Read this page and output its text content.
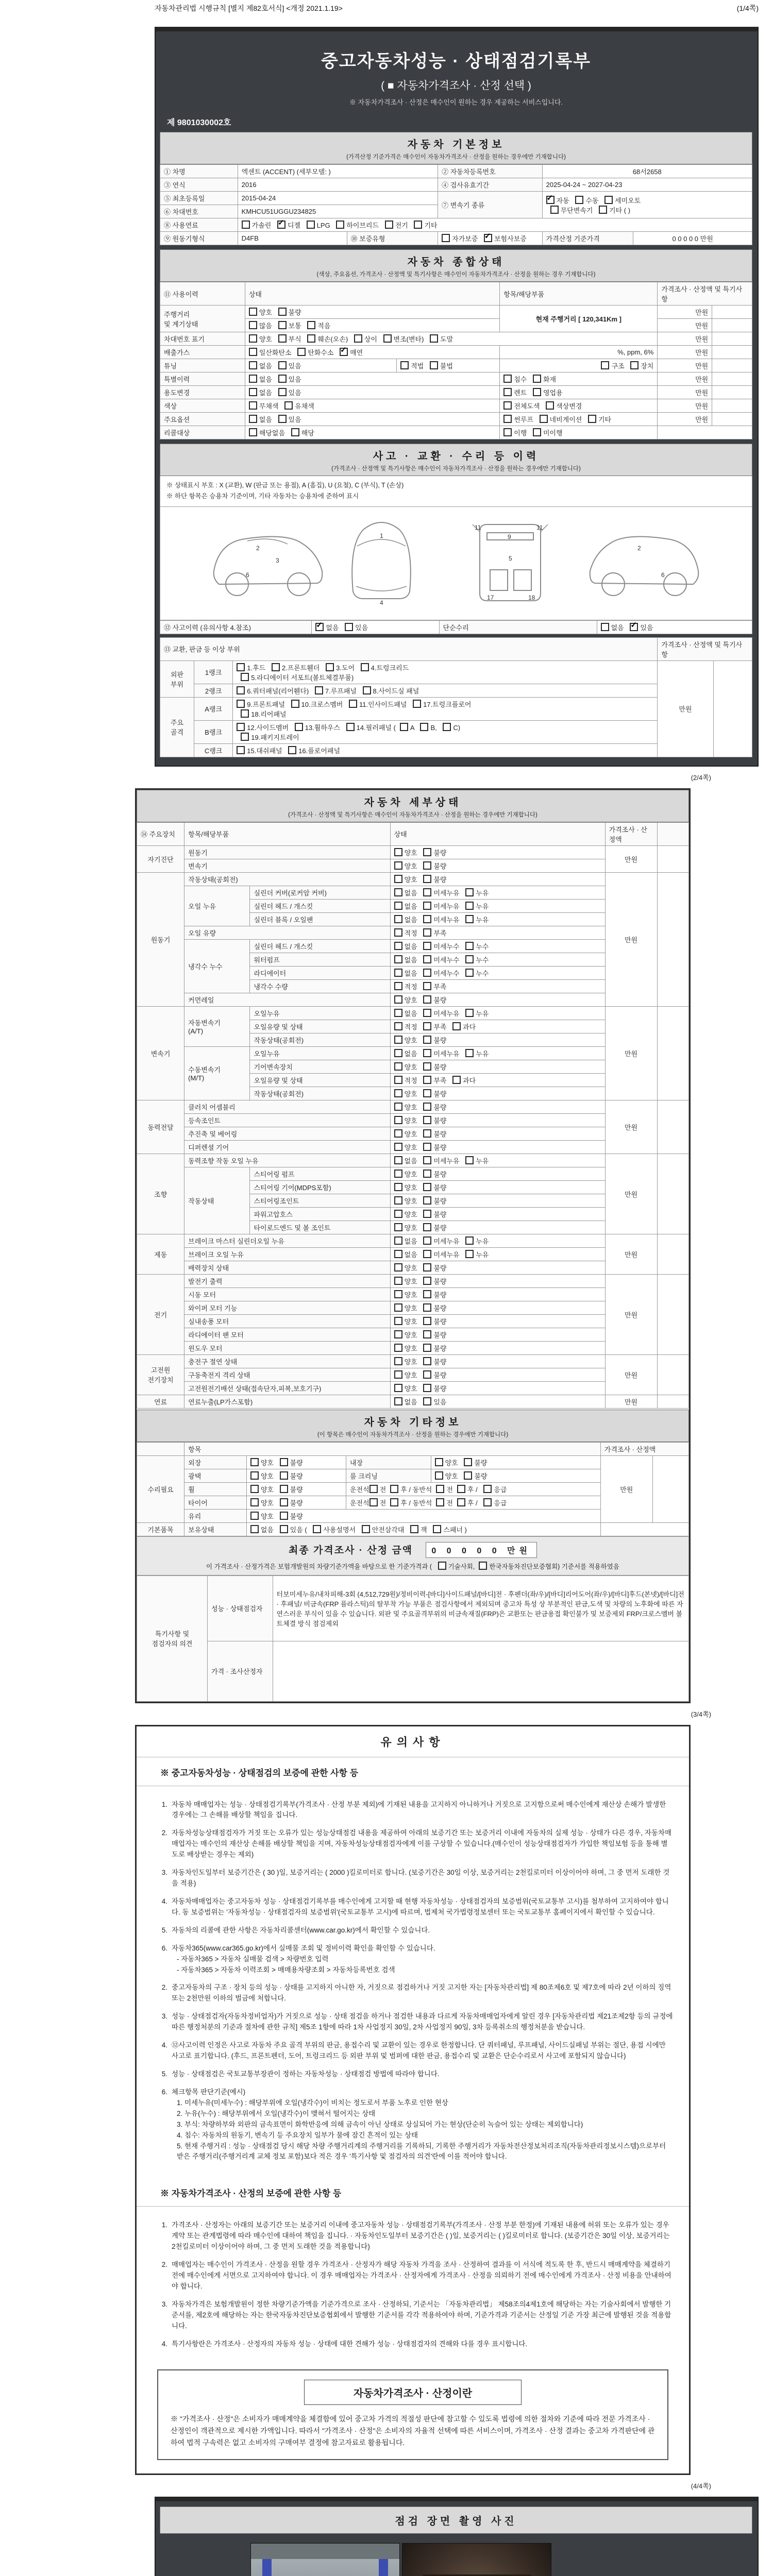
자동차관리법 시행규칙 [별지 제82호서식] <개정 2021.1.19>	(1/4쪽)
중고자동차성능 · 상태점검기록부
( ■ 자동차가격조사 · 산정 선택 )
※ 자동차가격조사 · 산정은 매수인이 원하는 경우 제공하는 서비스입니다.
제 9801030002호
자동차 기본정보
(가격산정 기준가격은 매수인이 자동차가격조사 · 산정을 원하는 경우에만 기재합니다)
① 차명	엑센트 (ACCENT) (세부모델: )		② 자동차등록번호	68서2658	
③ 연식	2016		④ 검사유효기간	2025-04-24 ~ 2027-04-23	
⑤ 최초등록일	2015-04-24		⑦ 변속기 종류	✓자동 수동 세미오토
무단변속기 기타 ( )
⑥ 차대번호	KMHCU51UGGU234825				
⑧ 사용연료	가솔린 ✓디젤 LPG 하이브리드 전기 기타
⑨ 원동기형식	D4FB	⑩ 보증유형	자가보증 ✓보험사보증	가격산정 기준가격	0 0 0 0 0 만원
자동차 종합상태
(색상, 주요옵션, 가격조사 · 산정액 및 특기사항은 매수인이 자동차가격조사 · 산정을 원하는 경우 기재합니다)
⑪ 사용이력	상태		항목/해당부품	가격조사 · 산정액 및 특기사항	
주행거리
및 계기상태	양호 불량		현재 주행거리 [ 120,341Km ]	만원	
	많음 보통 적음			만원	
차대번호 표기	양호 부식 훼손(오손) 상이 변조(변타) 도말			만원	
배출가스	일산화탄소 탄화수소 ✓매연		%, ppm, 6%	만원	
튜닝	없음 있음	적법 불법	구조 장치	만원	
특별이력	없음 있음		침수 화재	만원	
용도변경	없음 있음		렌트 영업용	만원	
색상	무채색 유채색		전체도색 색상변경	만원	
주요옵션	없음 있음		썬루프 네비게이션 기타	만원	
리콜대상	해당없음 해당		이행 미이행		
사고 · 교환 · 수리 등 이력
(가격조사 · 산정액 및 특기사항은 매수인이 자동차가격조사 · 산정을 원하는 경우에만 기재합니다)
※ 상태표시 부호 : X (교환), W (판금 또는 용접), A (흠집), U (요철), C (부식), T (손상)
※ 하단 항목은 승용차 기준이며, 기타 자동차는 승용차에 준하여 표시
2
3
6
1
4
11	11
9
5
17	18
2
6
⑫ 사고이력 (유의사항 4.참조)	✓없음 있음	단순수리	없음 ✓있음
⑬ 교환, 판금 등 이상 부위			가격조사 · 산정액 및 특기사항	
외판
부위	1랭크	1.후드 2.프론트휀더 3.도어 4.트렁크리드
5.라디에이터 서포트(볼트체결부품)	만원	
	2랭크	6.쿼터패널(리어휀다) 7.루프패널 8.사이드실 패널		
주요
골격	A랭크	9.프론트패널 10.크로스멤버 11.인사이드패널 17.트렁크플로어
18.리어패널		
	B랭크	12.사이드멤버 13.휠하우스 14.필러패널 ( A B, C)
19.패키지트레이		
	C랭크	15.대쉬패널 16.플로어패널		
(2/4쪽)
자동차 세부상태
(가격조사 · 산정액 및 특기사항은 매수인이 자동차가격조사 · 산정을 원하는 경우에만 기재합니다)
⑭ 주요장치	항목/해당부품		상태	가격조사 · 산정액	
자기진단	원동기		양호 불량	만원	
	변속기		양호 불량		
원동기	작동상태(공회전)		양호 불량	만원	
	오일 누유	실린더 커버(로커암 커버)	없음 미세누유 누유		
		실린더 헤드 / 개스킷	없음 미세누유 누유		
		실린더 블록 / 오일팬	없음 미세누유 누유		
	오일 유량		적정 부족		
	냉각수 누수	실린더 헤드 / 개스킷	없음 미세누수 누수		
		워터펌프	없음 미세누수 누수		
		라디에이터	없음 미세누수 누수		
		냉각수 수량	적정 부족		
	커먼레일		양호 불량		
변속기	자동변속기
(A/T)	오일누유	없음 미세누유 누유	만원	
		오일유량 및 상태	적정 부족 과다		
		작동상태(공회전)	양호 불량		
	수동변속기
(M/T)	오일누유	없음 미세누유 누유		
		기어변속장치	양호 불량		
		오일유량 및 상태	적정 부족 과다		
		작동상태(공회전)	양호 불량		
동력전달	클러치 어셈블리		양호 불량	만원	
	등속조인트		양호 불량		
	추진축 및 베어링		양호 불량		
	디퍼렌셜 기어		양호 불량		
조향	동력조향 작동 오일 누유		없음 미세누유 누유	만원	
	작동상태	스티어링 펌프	양호 불량		
		스티어링 기어(MDPS포함)	양호 불량		
		스티어링조인트	양호 불량		
		파워고압호스	양호 불량		
		타이로드엔드 및 볼 조인트	양호 불량		
제동	브레이크 마스터 실린더오일 누유		없음 미세누유 누유	만원	
	브레이크 오일 누유		없음 미세누유 누유		
	배력장치 상태		양호 불량		
전기	발전기 출력		양호 불량	만원	
	시동 모터		양호 불량		
	와이퍼 모터 기능		양호 불량		
	실내송풍 모터		양호 불량		
	라디에이터 팬 모터		양호 불량		
	윈도우 모터		양호 불량		
고전원
전기장치	충전구 절연 상태		양호 불량	만원	
	구동축전지 격리 상태		양호 불량		
	고전원전기배선 상태(접속단자,피복,보호기구)		양호 불량		
연료	연료누출(LP가스포함)		없음 있음	만원	
자동차 기타정보
(이 항목은 매수인이 자동차가격조사 · 산정을 원하는 경우에만 기재합니다)
	항목				가격조사 · 산정액	
수리필요	외장	양호 불량	내장	양호 불량	만원	
	광택	양호 불량	룸 크리닝	양호 불량		
	휠	양호 불량	운전석 전 후 / 동반석 전 후 / 응급			
	타이어	양호 불량	운전석 전 후 / 동반석 전 후 / 응급			
	유리	양호 불량				
기본품목	보유상태	없음 있음 ( 사용설명서 안전삼각대 잭 스패너 )				
최종 가격조사 · 산정 금액 0 0 0 0 0 만원
이 가격조사 · 산정가격은 보험개발원의 차량기준가액을 바탕으로 한 기준가격과 ( 기술사회, 한국자동차진단보증협회) 기준서를 적용하였음
특기사항 및
점검자의 의견	성능 · 상태점검자	터보미세누유/내차피해-3회 (4,512,729원)/정비이력-[바디]사이드패널/[바디]전 · 후펜더(좌/우)/[바디]리어도어(좌/우)/[바디]후드(본넷)/[바디]전 · 후패널/ 비금속(FRP 플라스틱)의 탈부착 가능 부품은 점검사항에서 제외되며 중고차 특성 상 부분적인 판금,도색 및 차량의 노후화에 따른 자연스러운 부식이 있을 수 있습니다. 외판 및 주요골격부위의 비금속재질(FRP)은 교환또는 판금용접 확인불가 및 보증제외 FRP/크로스멤버 볼트체결 방식 점검제외
	가격 · 조사산정자	
(3/4쪽)
유의사항
※ 중고자동차성능 · 상태점검의 보증에 관한 사항 등
1. 자동차 매매업자는 성능 · 상태점검기록부(가격조사 · 산정 부분 제외)에 기재된 내용을 고지하지 아니하거나 거짓으로 고지함으로써 매수인에게 재산상 손해가 발생한 경우에는 그 손해를 배상할 책임을 집니다.
2. 자동차성능상태점검자가 거짓 또는 오류가 있는 성능상태점검 내용을 제공하여 아래의 보증기간 또는 보증거리 이내에 자동차의 실제 성능 · 상태가 다른 경우, 자동차매매업자는 매수인의 재산상 손해를 배상할 책임을 지며, 자동차성능상태점검자에게 이를 구상할 수 있습니다.(매수인이 성능상태점검자가 가입한 책임보험 등을 통해 별도로 배상받는 경우는 제외)
3. 자동차인도일부터 보증기간은 ( 30 )일, 보증거리는 ( 2000 )킬로미터로 합니다. (보증기간은 30일 이상, 보증거리는 2천킬로미터 이상이어야 하며, 그 중 먼저 도래한 것을 적용)
4. 자동차매매업자는 중고자동차 성능 · 상태점검기록부를 매수인에게 고지할 때 현행 자동차성능 · 상태점검자의 보증범위(국토교통부 고시)를 첨부하여 고지하여야 합니다. 동 보증범위는 '자동차성능 · 상태점검자의 보증범위'(국토교통부 고시)에 따르며, 법제처 국가법령정보센터 또는 국토교통부 홈페이지에서 확인할 수 있습니다.
5. 자동차의 리콜에 관한 사항은 자동차리콜센터(www.car.go.kr)에서 확인할 수 있습니다.
6. 자동차365(www.car365.go.kr)에서 실매물 조회 및 정비이력 확인을 확인할 수 있습니다.
- 자동차365 > 자동차 실매물 검색 > 차량번호 입력
- 자동차365 > 자동차 이력조회 > 매매용차량조회 > 자동차등록번호 검색
2. 중고자동차의 구조 · 장치 등의 성능 · 상태를 고지하지 아니한 자, 거짓으로 점검하거나 거짓 고지한 자는 [자동차관리법] 제 80조제6호 및 제7호에 따라 2년 이하의 징역 또는 2천만원 이하의 벌금에 처합니다.
3. 성능 · 상태점검자(자동차정비업자)가 거짓으로 성능 · 상태 점검을 하거나 점검한 내용과 다르게 자동차매매업자에게 알린 경우 [자동차관리법 제21조제2항 등의 규정에 따른 행정처분의 기준과 절차에 관한 규칙] 제5조 1항에 따라 1차 사업정지 30일, 2차 사업정지 90일, 3차 등록취소의 행정처분을 받습니다.
4. ⑫사고이력 인정은 사고로 자동차 주요 골격 부위의 판금, 용접수리 및 교환이 있는 경우로 한정합니다. 단 쿼터패널, 루프패널, 사이드실패널 부위는 절단, 용접 시에만 사고로 표기합니다. (후드, 프론트펜더, 도어, 트렁크리드 등 외판 부위 및 범퍼에 대한 판금, 용접수리 및 교환은 단순수리로서 사고에 포함되지 않습니다)
5. 성능 · 상태점검은 국토교통부장관이 정하는 자동차성능 · 상태점검 방법에 따라야 합니다.
6. 체크항목 판단기준(예시)
1. 미세누유(미세누수) : 해당부위에 오일(냉각수)이 비치는 정도로서 부품 노후로 인한 현상
2. 누유(누수) : 해당부위에서 오일(냉각수)이 맺혀서 떨어지는 상태
3. 부식: 차량하부와 외판의 금속표면이 화학반응에 의해 금속이 아닌 상태로 상실되어 가는 현상(단순히 녹슬어 있는 상태는 제외합니다)
4. 침수: 자동차의 원동기, 변속기 등 주요장치 일부가 물에 잠긴 흔적이 있는 상태
5. 현재 주행거리 : 성능 · 상태점검 당시 해당 차량 주행거리계의 주행거리를 기록하되, 기록한 주행거리가 자동차전산정보처리조직(자동차관리정보시스템)으로부터 받은 주행거리(주행거리계 교체 정보 포함)보다 적은 경우 '특기사항 및 점검자의 의견'란에 이를 적어야 합니다.
※ 자동차가격조사 · 산정의 보증에 관한 사항 등
1. 가격조사 · 산정자는 아래의 보증기간 또는 보증거리 이내에 중고자동차 성능 · 상태점검기록부(가격조사 · 산정 부분 한정)에 기재된 내용에 허위 또는 오류가 있는 경우 계약 또는 관계법령에 따라 매수인에 대하여 책임을 집니다. · 자동차인도일부터 보증기간은 ( )일, 보증거리는 ( )킬로미터로 합니다. (보증기간은 30일 이상, 보증거리는 2천킬로미터 이상이어야 하며, 그 중 먼저 도래한 것을 적용합니다)
2. 매매업자는 매수인이 가격조사 · 산정을 원할 경우 가격조사 · 산정자가 해당 자동차 가격을 조사 · 산정하여 결과를 이 서식에 적도록 한 후, 반드시 매매계약을 체결하기 전에 매수인에게 서면으로 고지하여야 합니다. 이 경우 매매업자는 가격조사 · 산정자에게 가격조사 · 산정을 의뢰하기 전에 매수인에게 가격조사 · 산정 비용을 안내하여야 합니다.
3. 자동차가격은 보험개발원이 정한 차량기준가액을 기준가격으로 조사 · 산정하되, 기준서는 「자동차관리법」 제58조의4제1호에 해당하는 자는 기술사회에서 발행한 기준서를, 제2호에 해당하는 자는 한국자동차진단보증협회에서 발행한 기준서를 각각 적용하여야 하며, 기준가격과 기준서는 산정일 기준 가장 최근에 발행된 것을 적용합니다.
4. 특기사항란은 가격조사 · 산정자의 자동차 성능 · 상태에 대한 견해가 성능 · 상태점검자의 견해와 다를 경우 표시합니다.
자동차가격조사 · 산정이란
※ "가격조사 · 산정"은 소비자가 매매계약을 체결함에 있어 중고차 가격의 적절성 판단에 참고할 수 있도록 법령에 의한 절차와 기준에 따라 전문 가격조사 · 산정인이 객관적으로 제시한 가액입니다. 따라서 "가격조사 · 산정"은 소비자의 자율적 선택에 따른 서비스이며, 가격조사 · 산정 결과는 중고차 가격판단에 관하여 법적 구속력은 없고 소비자의 구매여부 결정에 참고자료로 활용됩니다.
(4/4쪽)
점검 장면 촬영 사진
